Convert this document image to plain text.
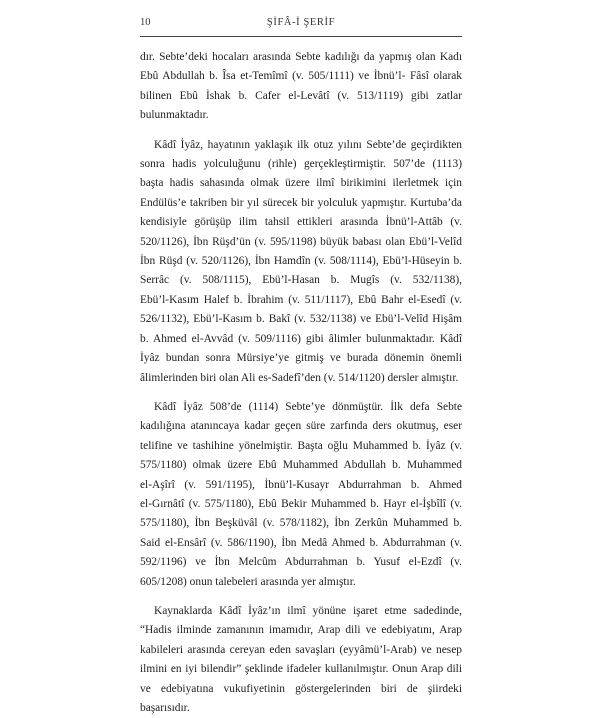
10	ŞİFÂ-İ ŞERİF
dır. Sebte’deki hocaları arasında Sebte kadılığı da yapmış olan Kadı
Ebû Abdullah b. Îsa et-Temîmî (v. 505/1111) ve İbnü’l- Fâsî olarak
bilinen Ebû İshak b. Cafer el-Levâtî (v. 513/1119) gibi zatlar
bulunmaktadır.
Kâdî İyâz, hayatının yaklaşık ilk otuz yılını Sebte’de geçirdikten
sonra hadis yolculuğunu (rihle) gerçekleştirmiştir. 507’de (1113)
başta hadis sahasında olmak üzere ilmî birikimini ilerletmek için
Endülüs’e takriben bir yıl sürecek bir yolculuk yapmıştır. Kurtuba’da
kendisiyle görüşüp ilim tahsil ettikleri arasında İbnü’l-Attâb (v.
520/1126), İbn Rüşd’ün (v. 595/1198) büyük babası olan Ebü’l-Velîd
İbn Rüşd (v. 520/1126), İbn Hamdîn (v. 508/1114), Ebü’l-Hüseyin b.
Serrâc (v. 508/1115), Ebü’l-Hasan b. Mugîs (v. 532/1138),
Ebü’l-Kasım Halef b. İbrahim (v. 511/1117), Ebû Bahr el-Esedî (v.
526/1132), Ebü’l-Kasım b. Bakî (v. 532/1138) ve Ebü’l-Velîd Hişâm
b. Ahmed el-Avvâd (v. 509/1116) gibi âlimler bulunmaktadır. Kâdî
İyâz bundan sonra Mürsiye’ye gitmiş ve burada dönemin önemli
âlimlerinden biri olan Ali es-Sadefî’den (v. 514/1120) dersler almıştır.
Kâdî İyâz 508’de (1114) Sebte’ye dönmüştür. İlk defa Sebte
kadılığına atanıncaya kadar geçen süre zarfında ders okutmuş, eser
telifine ve tashihine yönelmiştir. Başta oğlu Muhammed b. İyâz (v.
575/1180) olmak üzere Ebû Muhammed Abdullah b. Muhammed
el-Aşîrî (v. 591/1195), İbnü’l-Kusayr Abdurrahman b. Ahmed
el-Gırnâtî (v. 575/1180), Ebû Bekir Muhammed b. Hayr el-İşbîlî (v.
575/1180), İbn Beşküvâl (v. 578/1182), İbn Zerkûn Muhammed b.
Said el-Ensârî (v. 586/1190), İbn Medâ Ahmed b. Abdurrahman (v.
592/1196) ve İbn Melcûm Abdurrahman b. Yusuf el-Ezdî (v.
605/1208) onun talebeleri arasında yer almıştır.
Kaynaklarda Kâdî İyâz’ın ilmî yönüne işaret etme sadedinde,
“Hadis ilminde zamanının imamıdır, Arap dili ve edebiyatını, Arap
kabileleri arasında cereyan eden savaşları (eyyâmü’l-Arab) ve nesep
ilmini en iyi bilendir” şeklinde ifadeler kullanılmıştır. Onun Arap dili
ve edebiyatına vukufiyetinin göstergelerinden biri de şiirdeki
başarısıdır.
